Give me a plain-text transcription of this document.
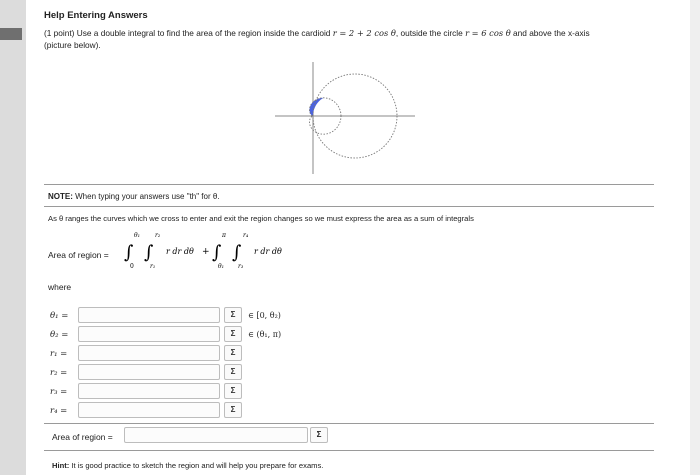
Help Entering Answers
(1 point) Use a double integral to find the area of the region inside the cardioid r = 2 + 2 cos θ, outside the circle r = 6 cos θ and above the x-axis
(picture below).
NOTE: When typing your answers use "th" for θ.
As θ ranges the curves which we cross to enter and exit the region changes so we must express the area as a sum of integrals
Area of region = ∫
θ₁
0
∫
r₂
r₁
r dr dθ + ∫
π
θ₁
∫
r₄
r₃
r dr dθ
where
θ₁ =	Σ	∈ [0, θ₂)
θ₂ =	Σ	∈ (θ₁, π)
r₁ =	Σ
r₂ =	Σ
r₃ =	Σ
r₄ =	Σ
Area of region =	Σ
Hint: It is good practice to sketch the region and will help you prepare for exams.
